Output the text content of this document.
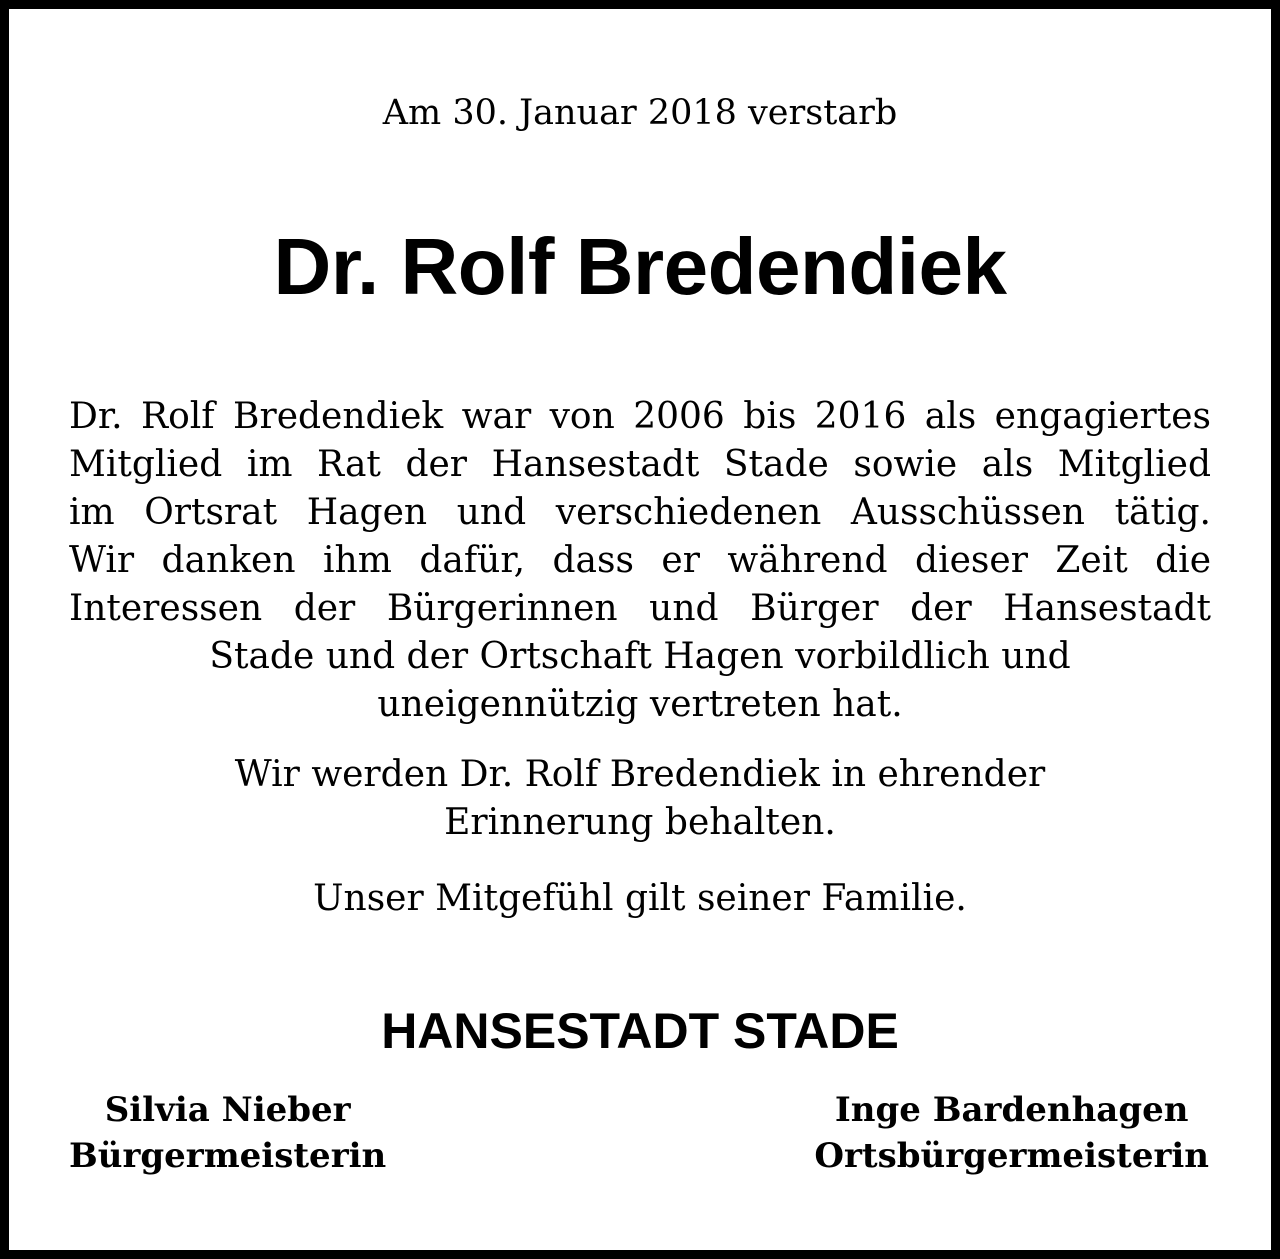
Am 30. Januar 2018 verstarb
Dr. Rolf Bredendiek
Dr. Rolf Bredendiek war von 2006 bis 2016 als engagiertes
Mitglied im Rat der Hansestadt Stade sowie als Mitglied
im Ortsrat Hagen und verschiedenen Ausschüssen tätig.
Wir danken ihm dafür, dass er während dieser Zeit die
Interessen der Bürgerinnen und Bürger der Hansestadt
Stade und der Ortschaft Hagen vorbildlich und
uneigennützig vertreten hat.
Wir werden Dr. Rolf Bredendiek in ehrender
Erinnerung behalten.
Unser Mitgefühl gilt seiner Familie.
HANSESTADT STADE
Silvia Nieber
Bürgermeisterin
Inge Bardenhagen
Ortsbürgermeisterin
